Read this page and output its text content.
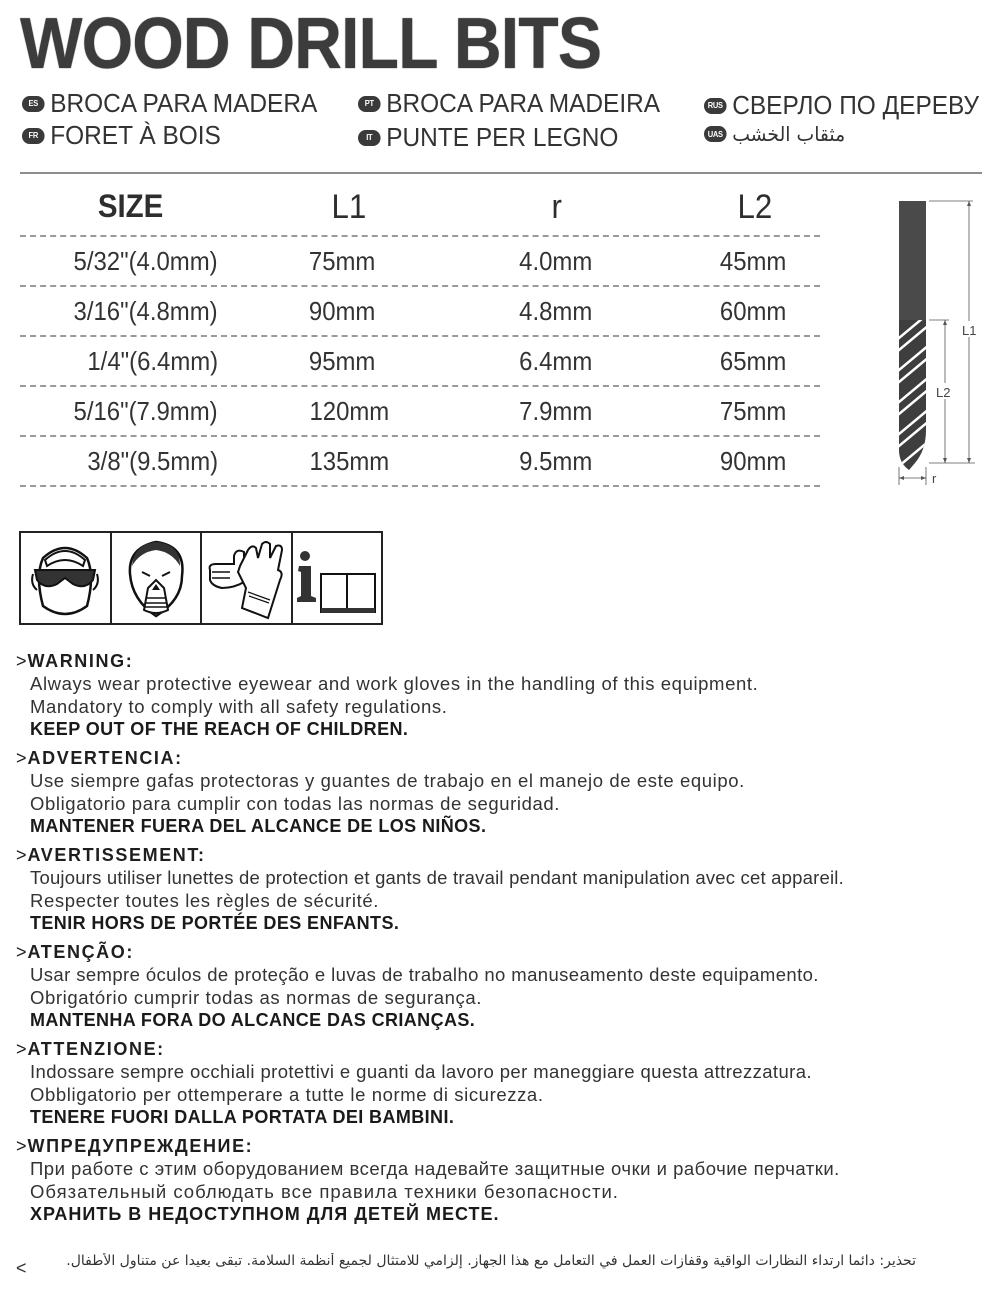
WOOD DRILL BITS
ES BROCA PARA MADERA	PT BROCA PARA MADEIRA	RUS СВЕРЛО ПО ДЕРЕВУ
FR FORET À BOIS	IT PUNTE PER LEGNO	UAS مثقاب الخشب
SIZE	L1	r	L2
5/32"(4.0mm)	75mm	4.0mm	45mm
3/16"(4.8mm)	90mm	4.8mm	60mm
1/4"(6.4mm)	95mm	6.4mm	65mm
5/16"(7.9mm)	120mm	7.9mm	75mm
3/8"(9.5mm)	135mm	9.5mm	90mm
L1
L2
r
>WARNING:
Always wear protective eyewear and work gloves in the handling of this equipment.
Mandatory to comply with all safety regulations.
KEEP OUT OF THE REACH OF CHILDREN.
>ADVERTENCIA:
Use siempre gafas protectoras y guantes de trabajo en el manejo de este equipo.
Obligatorio para cumplir con todas las normas de seguridad.
MANTENER FUERA DEL ALCANCE DE LOS NIÑOS.
>AVERTISSEMENT:
Toujours utiliser lunettes de protection et gants de travail pendant manipulation avec cet appareil.
Respecter toutes les règles de sécurité.
TENIR HORS DE PORTÉE DES ENFANTS.
>ATENÇÃO:
Usar sempre óculos de proteção e luvas de trabalho no manuseamento deste equipamento.
Obrigatório cumprir todas as normas de segurança.
MANTENHA FORA DO ALCANCE DAS CRIANÇAS.
>ATTENZIONE:
Indossare sempre occhiali protettivi e guanti da lavoro per maneggiare questa attrezzatura.
Obbligatorio per ottemperare a tutte le norme di sicurezza.
TENERE FUORI DALLA PORTATA DEI BAMBINI.
>WПРЕДУПРЕЖДЕНИЕ:
При работе с этим оборудованием всегда надевайте защитные очки и рабочие перчатки.
Обязательный соблюдать все правила техники безопасности.
ХРАНИТЬ В НЕДОСТУПНОМ ДЛЯ ДЕТЕЙ МЕСТЕ.
تحذير: دائما ارتداء النظارات الواقية وقفازات العمل في التعامل مع هذا الجهاز. إلزامي للامتثال لجميع أنظمة السلامة. تبقى بعيدا عن متناول الأطفال.
<
